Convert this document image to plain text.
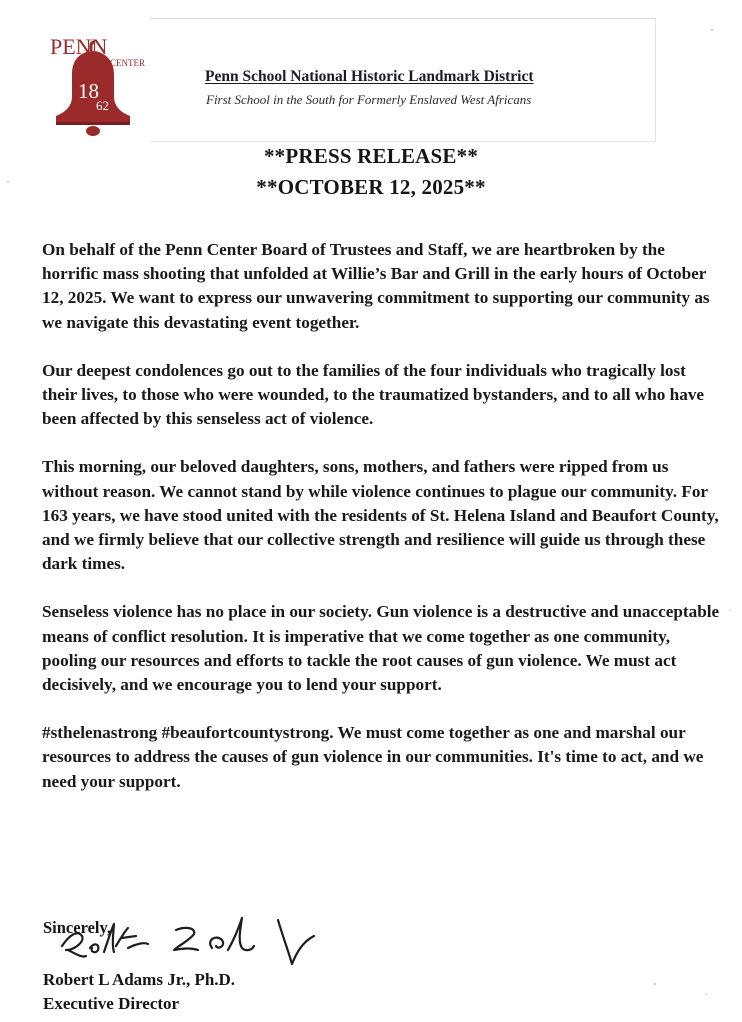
PENN
CENTER
18
62
Penn School National Historic Landmark District
First School in the South for Formerly Enslaved West Africans
**PRESS RELEASE**
**OCTOBER 12, 2025**

On behalf of the Penn Center Board of Trustees and Staff, we are heartbroken by the horrific mass shooting that unfolded at Willie’s Bar and Grill in the early hours of October 12, 2025. We want to express our unwavering commitment to supporting our community as we navigate this devastating event together.

Our deepest condolences go out to the families of the four individuals who tragically lost their lives, to those who were wounded, to the traumatized bystanders, and to all who have been affected by this senseless act of violence.

This morning, our beloved daughters, sons, mothers, and fathers were ripped from us without reason. We cannot stand by while violence continues to plague our community. For 163 years, we have stood united with the residents of St. Helena Island and Beaufort County, and we firmly believe that our collective strength and resilience will guide us through these dark times.

Senseless violence has no place in our society. Gun violence is a destructive and unacceptable means of conflict resolution. It is imperative that we come together as one community, pooling our resources and efforts to tackle the root causes of gun violence. We must act decisively, and we encourage you to lend your support.

#sthelenastrong #beaufortcountystrong. We must come together as one and marshal our resources to address the causes of gun violence in our communities. It's time to act, and we need your support.

Sincerely,
Robert L Adams Jr., Ph.D.
Executive Director
